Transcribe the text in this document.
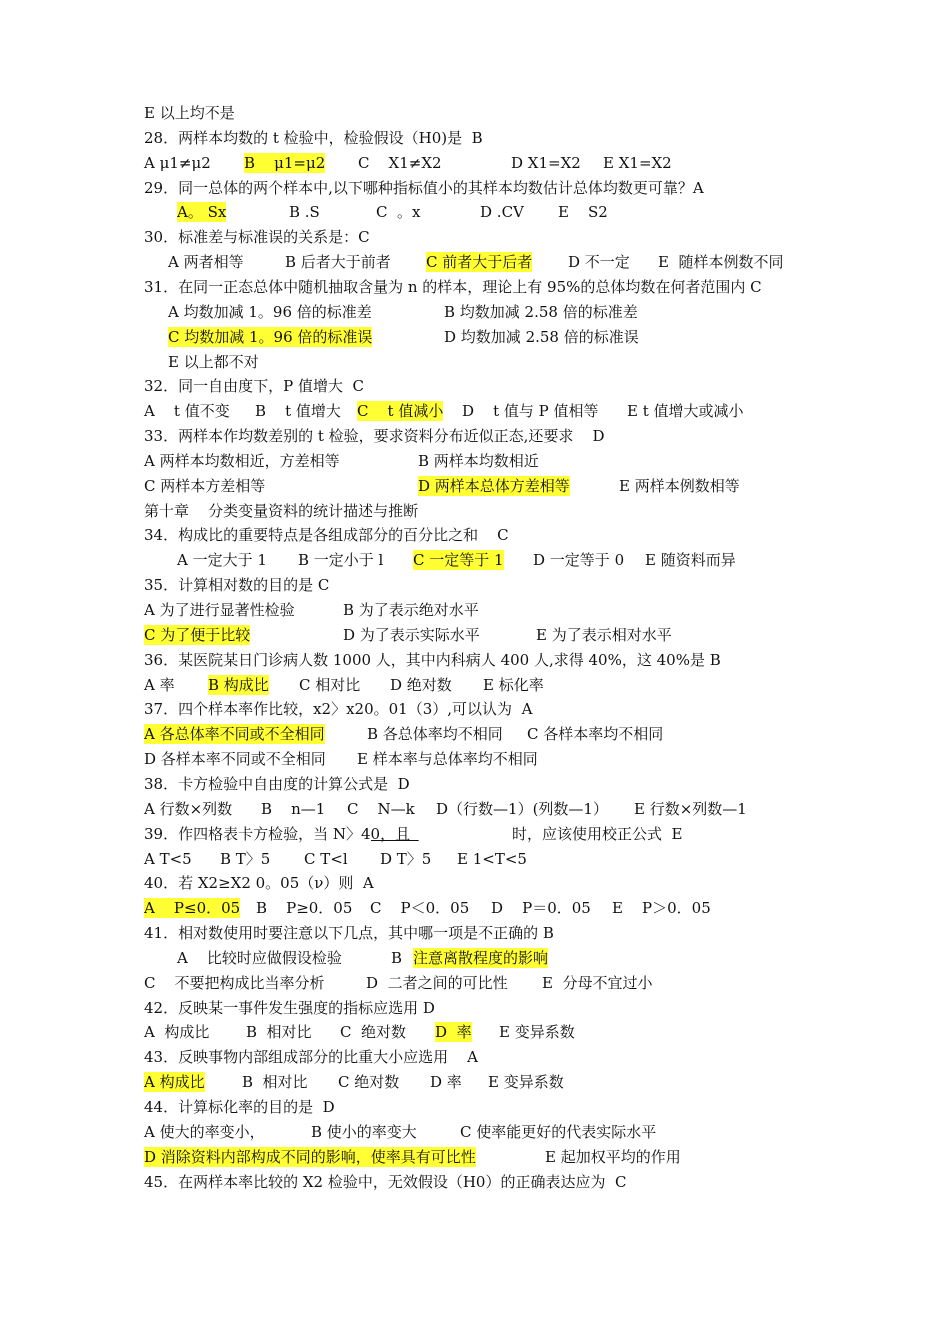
E 以上均不是
28．两样本均数的 t 检验中，检验假设（H0)是  B
A μ1≠μ2 B    μ1=μ2 C    X1≠X2	D X1=X2 E X1=X2
29．同一总体的两个样本中,以下哪种指标值小的其样本均数估计总体均数更可靠？A
A。 Sx	B .S	C  。x	D .CV E    S2
30．标准差与标准误的关系是：C
A 两者相等	B 后者大于前者 C 前者大于后者 D 不一定 E  随样本例数不同
31．在同一正态总体中随机抽取含量为 n 的样本，理论上有 95%的总体均数在何者范围内 C
A 均数加减 1。96 倍的标准差	B 均数加减 2.58 倍的标准差
C 均数加减 1。96 倍的标准误	D 均数加减 2.58 倍的标准误
E 以上都不对
32．同一自由度下，P 值增大  C
A    t 值不变 B    t 值增大 C    t 值减小 D    t 值与 P 值相等 E t 值增大或减小
33．两样本作均数差别的 t 检验，要求资料分布近似正态,还要求    D
A 两样本均数相近，方差相等	B 两样本均数相近
C 两样本方差相等	D 两样本总体方差相等	E 两样本例数相等
第十章    分类变量资料的统计描述与推断
34．构成比的重要特点是各组成部分的百分比之和    C
A 一定大于 1 B 一定小于 l C 一定等于 1 D 一定等于 0 E 随资料而异
35．计算相对数的目的是 C
A 为了进行显著性检验	B 为了表示绝对水平
C 为了便于比较	D 为了表示实际水平	E 为了表示相对水平
36．某医院某日门诊病人数 1000 人，其中内科病人 400 人,求得 40%，这 40%是 B
A 率 B 构成比 C 相对比 D 绝对数 E 标化率
37．四个样本率作比较，x2〉x20。01（3）,可以认为  A
A 各总体率不同或不全相同	B 各总体率均不相同 C 各样本率均不相同
D 各样本率不同或不全相同 E 样本率与总体率均不相同
38．卡方检验中自由度的计算公式是  D
A 行数×列数 B    n—1 C    N—k D（行数—1）(列数—1） E 行数×列数—1
39．作四格表卡方检验，当 N〉40，且
	时，应该使用校正公式  E
A T<5 B T〉5 C T<l D T〉5 E 1<T<5
40．若 X2≥X2 0。05（ν）则  A
A    P≤0．05 B    P≥0．05 C    P＜0．05 D    P＝0．05 E    P＞0．05
41．相对数使用时要注意以下几点，其中哪一项是不正确的 B
A    比较时应做假设检验	B 注意离散程度的影响
C    不要把构成比当率分析	D  二者之间的可比性 E  分母不宜过小
42．反映某一事件发生强度的指标应选用 D
A  构成比 B  相对比 C  绝对数 D  率 E 变异系数
43．反映事物内部组成部分的比重大小应选用    A
A 构成比 B  相对比 C 绝对数 D 率 E 变异系数
44．计算标化率的目的是  D
A 使大的率变小，	B 使小的率变大	C 使率能更好的代表实际水平
D 消除资料内部构成不同的影响，使率具有可比性	E 起加权平均的作用
45．在两样本率比较的 X2 检验中，无效假设（H0）的正确表达应为  C
